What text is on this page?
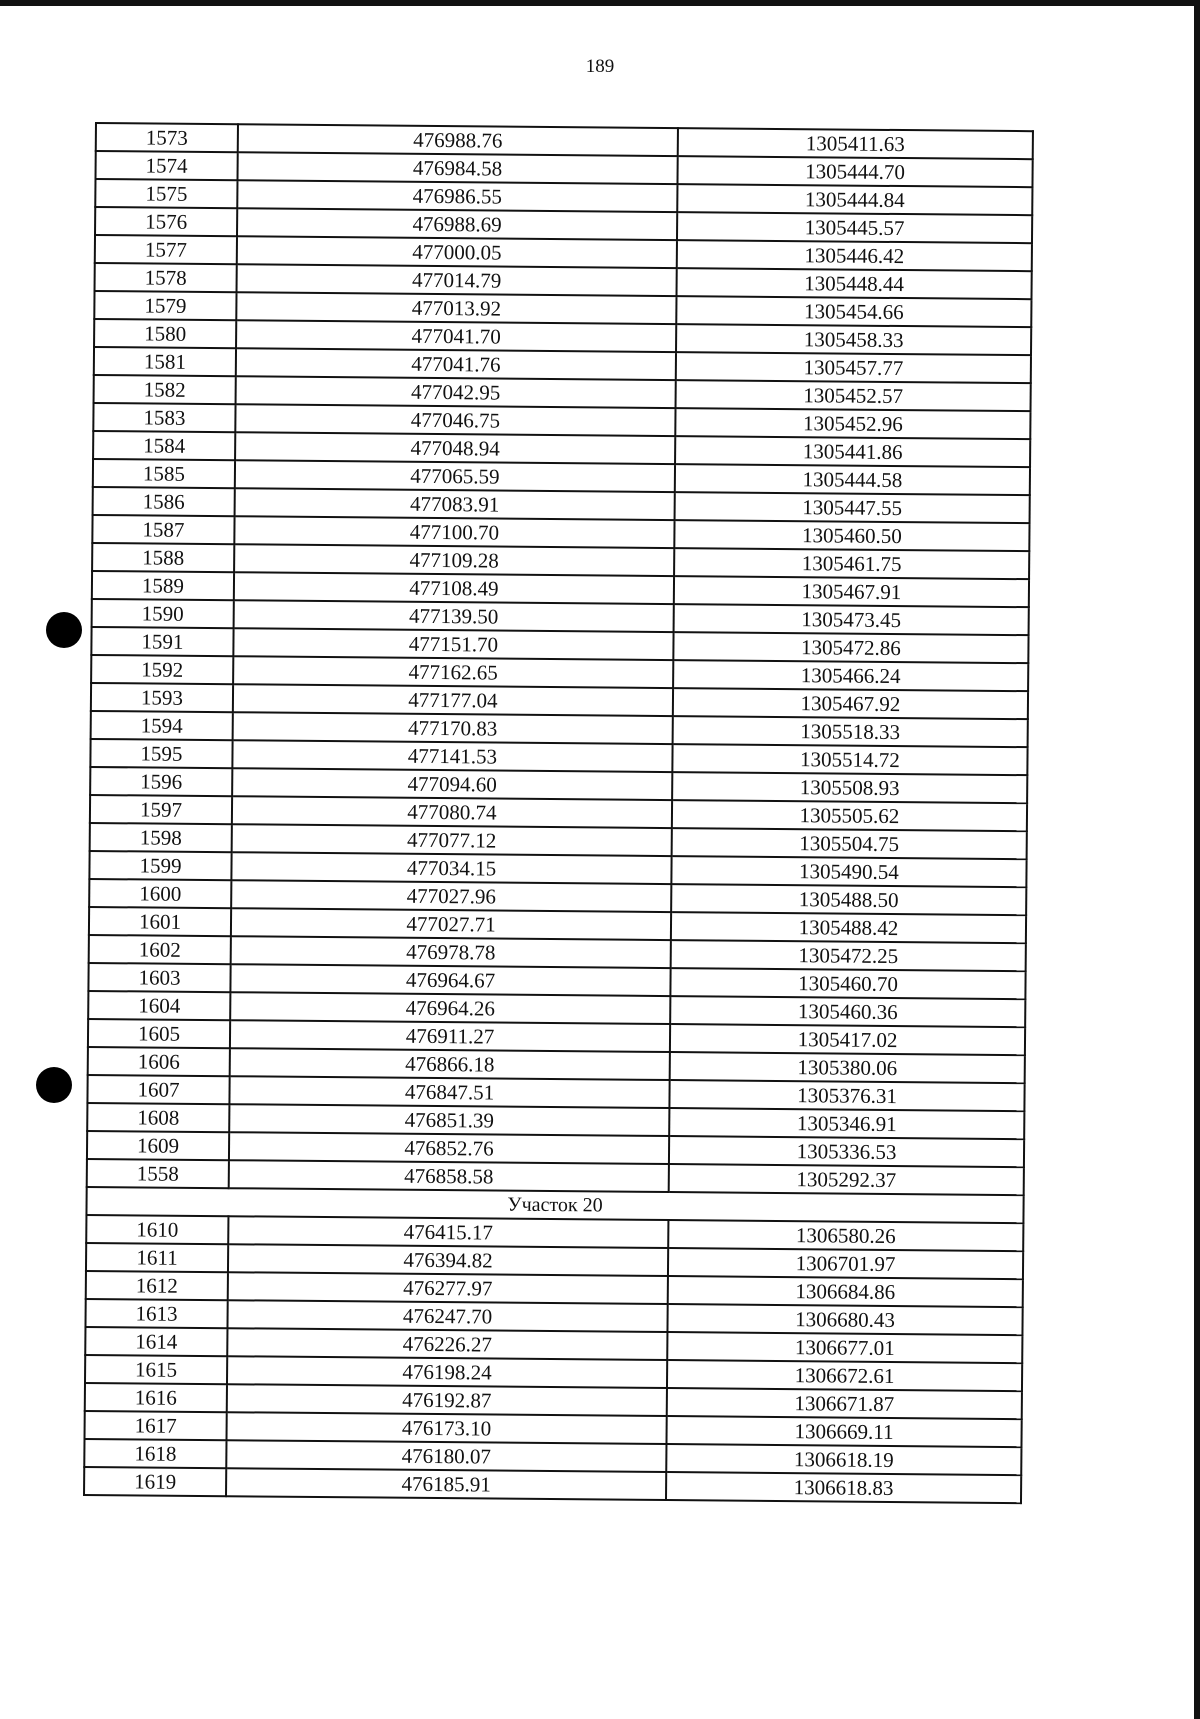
189
1573	476988.76	1305411.63
1574	476984.58	1305444.70
1575	476986.55	1305444.84
1576	476988.69	1305445.57
1577	477000.05	1305446.42
1578	477014.79	1305448.44
1579	477013.92	1305454.66
1580	477041.70	1305458.33
1581	477041.76	1305457.77
1582	477042.95	1305452.57
1583	477046.75	1305452.96
1584	477048.94	1305441.86
1585	477065.59	1305444.58
1586	477083.91	1305447.55
1587	477100.70	1305460.50
1588	477109.28	1305461.75
1589	477108.49	1305467.91
1590	477139.50	1305473.45
1591	477151.70	1305472.86
1592	477162.65	1305466.24
1593	477177.04	1305467.92
1594	477170.83	1305518.33
1595	477141.53	1305514.72
1596	477094.60	1305508.93
1597	477080.74	1305505.62
1598	477077.12	1305504.75
1599	477034.15	1305490.54
1600	477027.96	1305488.50
1601	477027.71	1305488.42
1602	476978.78	1305472.25
1603	476964.67	1305460.70
1604	476964.26	1305460.36
1605	476911.27	1305417.02
1606	476866.18	1305380.06
1607	476847.51	1305376.31
1608	476851.39	1305346.91
1609	476852.76	1305336.53
1558	476858.58	1305292.37
Участок 20		
1610	476415.17	1306580.26
1611	476394.82	1306701.97
1612	476277.97	1306684.86
1613	476247.70	1306680.43
1614	476226.27	1306677.01
1615	476198.24	1306672.61
1616	476192.87	1306671.87
1617	476173.10	1306669.11
1618	476180.07	1306618.19
1619	476185.91	1306618.83
